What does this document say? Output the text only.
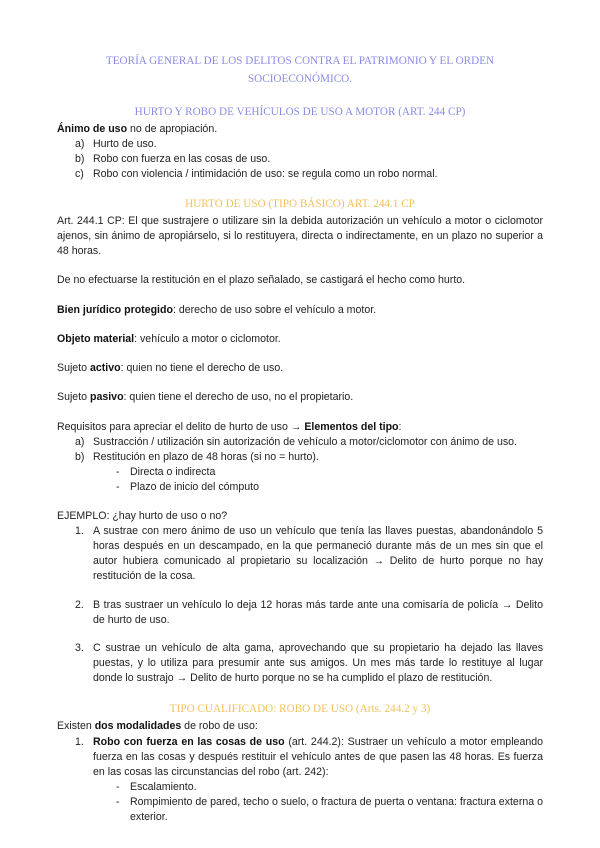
TEORÍA GENERAL DE LOS DELITOS CONTRA EL PATRIMONIO Y EL ORDEN
SOCIOECONÓMICO.
HURTO Y ROBO DE VEHÍCULOS DE USO A MOTOR (ART. 244 CP)
Ánimo de uso no de apropiación.
a) Hurto de uso.
b) Robo con fuerza en las cosas de uso.
c) Robo con violencia / intimidación de uso: se regula como un robo normal.
HURTO DE USO (TIPO BÁSICO) ART. 244.1 CP
Art. 244.1 CP: El que sustrajere o utilizare sin la debida autorización un vehículo a motor o ciclomotor ajenos, sin ánimo de apropiárselo, si lo restituyera, directa o indirectamente, en un plazo no superior a 48 horas.
De no efectuarse la restitución en el plazo señalado, se castigará el hecho como hurto.
Bien jurídico protegido: derecho de uso sobre el vehículo a motor.
Objeto material: vehículo a motor o ciclomotor.
Sujeto activo: quien no tiene el derecho de uso.
Sujeto pasivo: quien tiene el derecho de uso, no el propietario.
Requisitos para apreciar el delito de hurto de uso → Elementos del tipo:
a) Sustracción / utilización sin autorización de vehículo a motor/ciclomotor con ánimo de uso.
b) Restitución en plazo de 48 horas (si no = hurto).
- Directa o indirecta
- Plazo de inicio del cómputo
EJEMPLO: ¿hay hurto de uso o no?
1. A sustrae con mero ánimo de uso un vehículo que tenía las llaves puestas, abandonándolo 5 horas después en un descampado, en la que permaneció durante más de un mes sin que el autor hubiera comunicado al propietario su localización → Delito de hurto porque no hay restitución de la cosa.
2. B tras sustraer un vehículo lo deja 12 horas más tarde ante una comisaría de policía → Delito de hurto de uso.
3. C sustrae un vehículo de alta gama, aprovechando que su propietario ha dejado las llaves puestas, y lo utiliza para presumir ante sus amigos. Un mes más tarde lo restituye al lugar donde lo sustrajo → Delito de hurto porque no se ha cumplido el plazo de restitución.
TIPO CUALIFICADO: ROBO DE USO (Arts. 244.2 y 3)
Existen dos modalidades de robo de uso:
1. Robo con fuerza en las cosas de uso (art. 244.2): Sustraer un vehículo a motor empleando fuerza en las cosas y después restituir el vehículo antes de que pasen las 48 horas. Es fuerza en las cosas las circunstancias del robo (art. 242):
- Escalamiento.
- Rompimiento de pared, techo o suelo, o fractura de puerta o ventana: fractura externa o exterior.
